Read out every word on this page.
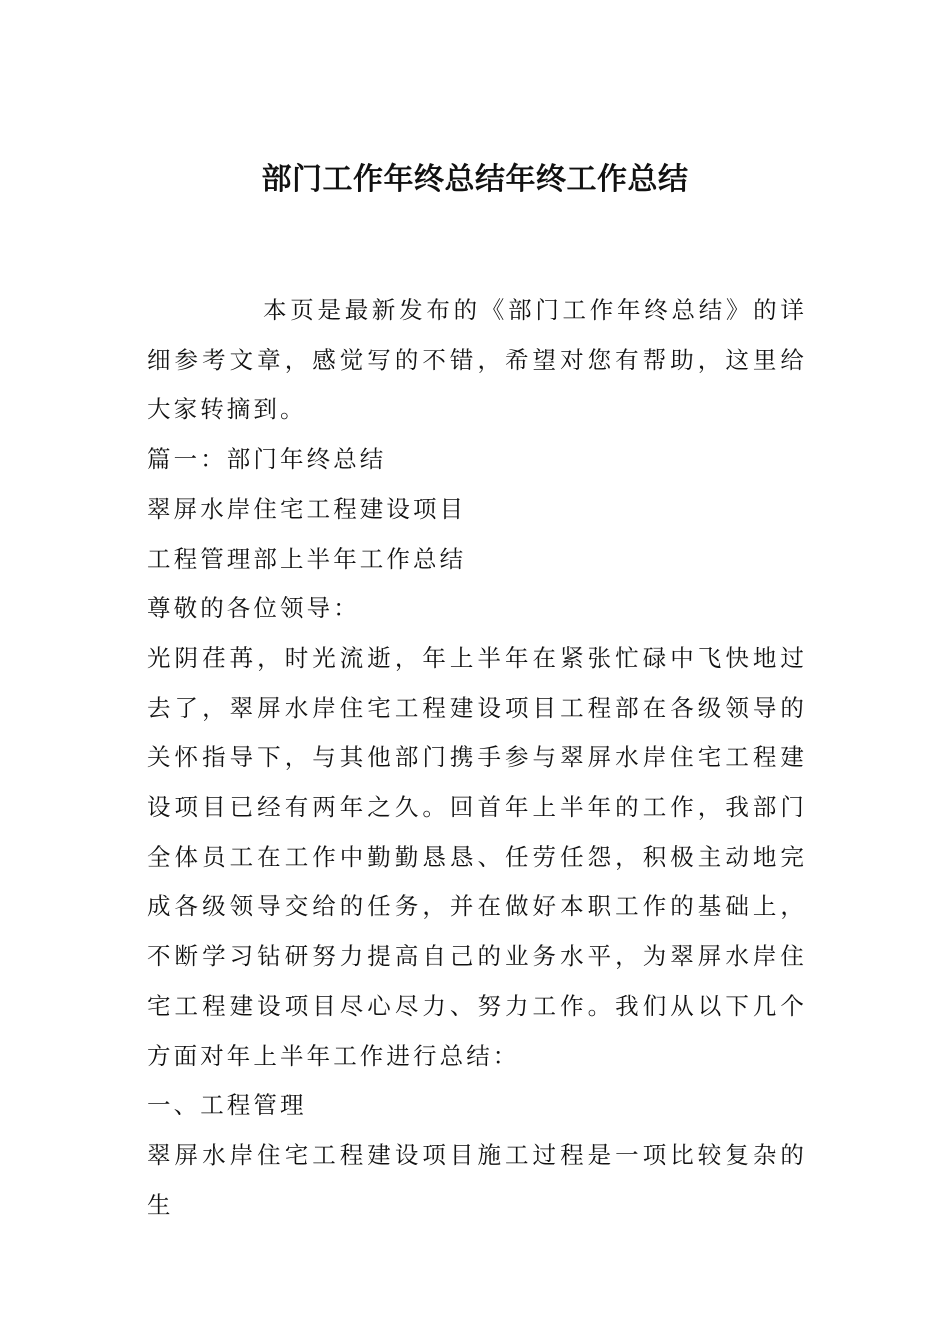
部门工作年终总结年终工作总结

本页是最新发布的《部门工作年终总结》的详细参考文章，感觉写的不错，希望对您有帮助，这里给大家转摘到。

篇一：部门年终总结

翠屏水岸住宅工程建设项目

工程管理部上半年工作总结

尊敬的各位领导：

光阴荏苒，时光流逝，年上半年在紧张忙碌中飞快地过去了，翠屏水岸住宅工程建设项目工程部在各级领导的关怀指导下，与其他部门携手参与翠屏水岸住宅工程建设项目已经有两年之久。回首年上半年的工作，我部门全体员工在工作中勤勤恳恳、任劳任怨，积极主动地完成各级领导交给的任务，并在做好本职工作的基础上，不断学习钻研努力提高自己的业务水平，为翠屏水岸住宅工程建设项目尽心尽力、努力工作。我们从以下几个方面对年上半年工作进行总结：

一、工程管理

翠屏水岸住宅工程建设项目施工过程是一项比较复杂的生
